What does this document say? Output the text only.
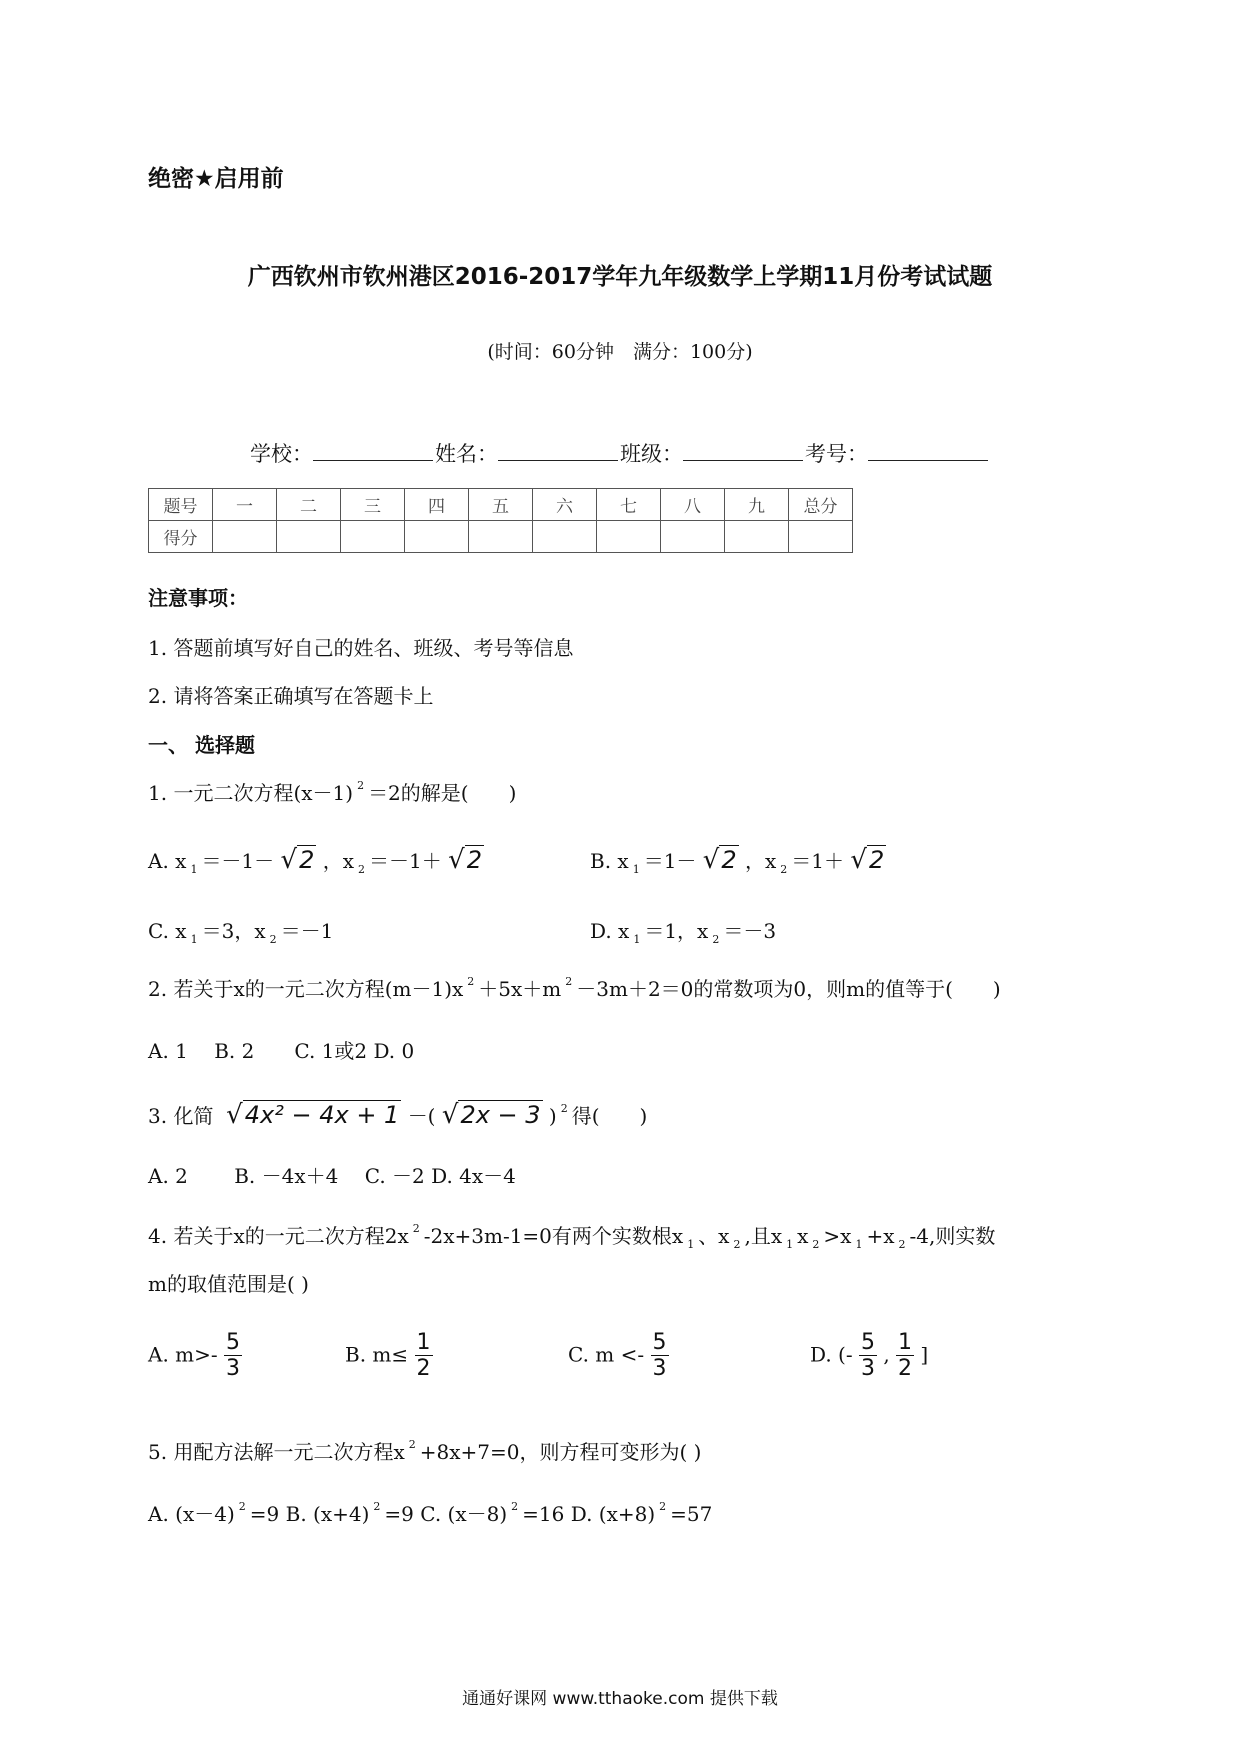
绝密★启用前
广西钦州市钦州港区2016-2017学年九年级数学上学期11月份考试试题
(时间：60分钟　满分：100分)
学校：	姓名：	班级：	考号：
题号	一	二	三	四	五	六	七	八	九	总分
得分										
注意事项：
1. 答题前填写好自己的姓名、班级、考号等信息
2. 请将答案正确填写在答题卡上
一、 选择题
1. 一元二次方程(x－1) $^2$ ＝2的解是(　　)
A. x $_1$ ＝－1－ √2 ，x $_2$ ＝－1＋ √2	B. x $_1$ ＝1－ √2 ，x $_2$ ＝1＋ √2
C. x $_1$ ＝3，x $_2$ ＝－1	D. x $_1$ ＝1，x $_2$ ＝－3
2. 若关于x的一元二次方程(m－1)x $^2$ ＋5x＋m $^2$ －3m＋2＝0的常数项为0，则m的值等于(　　)
A. 1　 B. 2　　C. 1或2 D. 0
3. 化简 √4x² − 4x + 1 －( √2x − 3 ) $^2$ 得(　　)
A. 2　　 B. －4x＋4　 C. －2 D. 4x－4
4. 若关于x的一元二次方程2x $^2$ -2x+3m-1=0有两个实数根x $_1$ 、x $_2$ ,且x $_1$ x $_2$ >x $_1$ +x $_2$ -4,则实数
m的取值范围是( )
A. $m>- \frac{5}{3}$	B. $m\le \frac{1}{2}$	C. $m <- \frac{5}{3}$	D. (- $\frac{5}{3}$ , $\frac{1}{2}$ ]
5. 用配方法解一元二次方程x $^2$ +8x+7=0，则方程可变形为( )
A. (x－4) $^2$ =9 B. (x+4) $^2$ =9 C. (x－8) $^2$ =16 D. (x+8) $^2$ =57
通通好课网 www.tthaoke.com 提供下载
